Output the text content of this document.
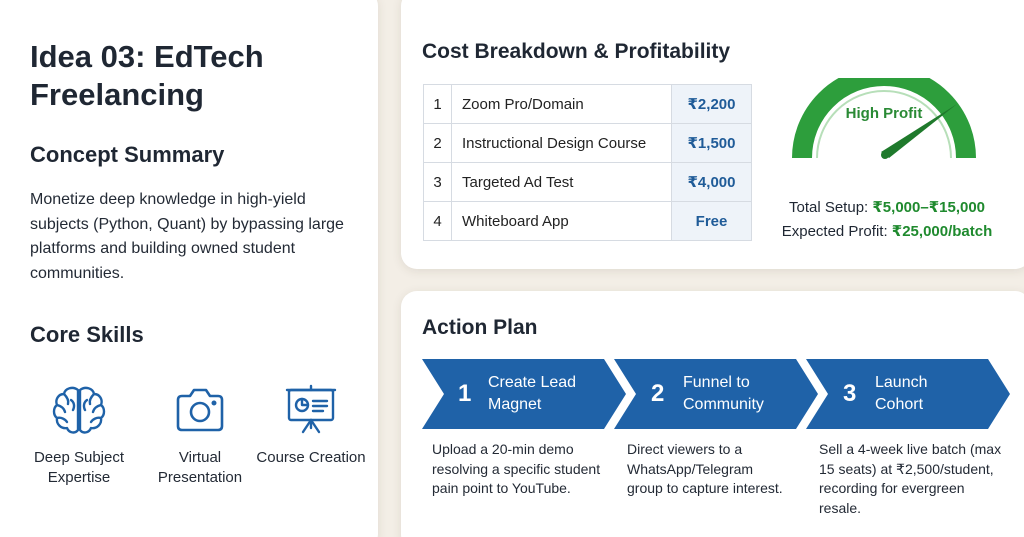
Idea 03: EdTech Freelancing
Concept Summary
Monetize deep knowledge in high-yield subjects (Python, Quant) by bypassing large platforms and building owned student communities.
Core Skills
Deep Subject Expertise
Virtual Presentation
Course Creation
Cost Breakdown & Profitability
1	Zoom Pro/Domain	₹2,200
2	Instructional Design Course	₹1,500
3	Targeted Ad Test	₹4,000
4	Whiteboard App	Free
High Profit
Total Setup: ₹5,000–₹15,000
Expected Profit: ₹25,000/batch
Action Plan
1 Create Lead Magnet	2 Funnel to Community	3 Launch Cohort
Upload a 20-min demo resolving a specific student pain point to YouTube.
Direct viewers to a WhatsApp/Telegram group to capture interest.
Sell a 4-week live batch (max 15 seats) at ₹2,500/student, recording for evergreen resale.
